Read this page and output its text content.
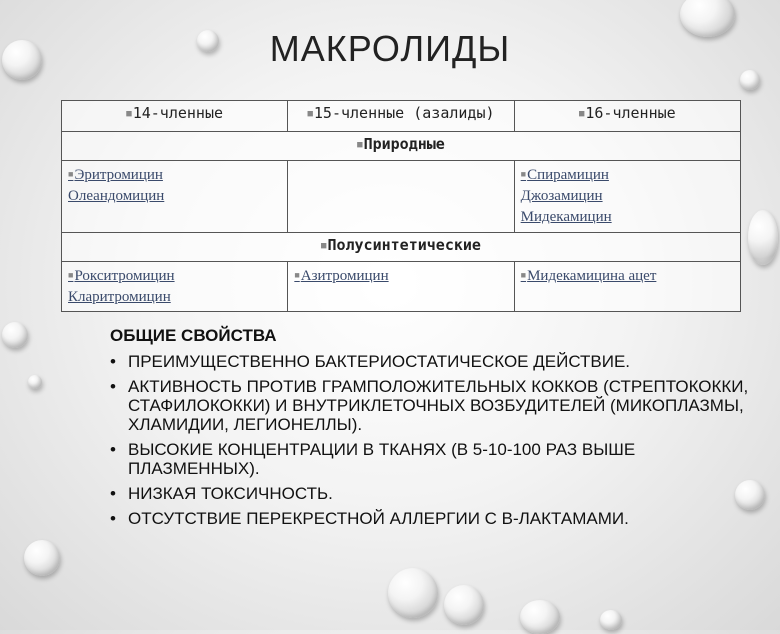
МАКРОЛИДЫ
■14-членные	■15-членные (азалиды)	■16-членные
■Природные		

■Эритромицин
Олеандомицин		■Спирамицин
Джозамицин
Мидекамицин

■Полусинтетические		

■Рокситромицин
Кларитромицин	■Азитромицин	■Мидекамицина ацет
ОБЩИЕ СВОЙСТВА
• ПРЕИМУЩЕСТВЕННО БАКТЕРИОСТАТИЧЕСКОЕ ДЕЙСТВИЕ.
• АКТИВНОСТЬ ПРОТИВ ГРАМПОЛОЖИТЕЛЬНЫХ КОККОВ (СТРЕПТОКОККИ, СТАФИЛОКОККИ) И ВНУТРИКЛЕТОЧНЫХ ВОЗБУДИТЕЛЕЙ (МИКОПЛАЗМЫ, ХЛАМИДИИ, ЛЕГИОНЕЛЛЫ).
• ВЫСОКИЕ КОНЦЕНТРАЦИИ В ТКАНЯХ (В 5-10-100 РАЗ ВЫШЕ ПЛАЗМЕННЫХ).
• НИЗКАЯ ТОКСИЧНОСТЬ.
• ОТСУТСТВИЕ ПЕРЕКРЕСТНОЙ АЛЛЕРГИИ С В-ЛАКТАМАМИ.
